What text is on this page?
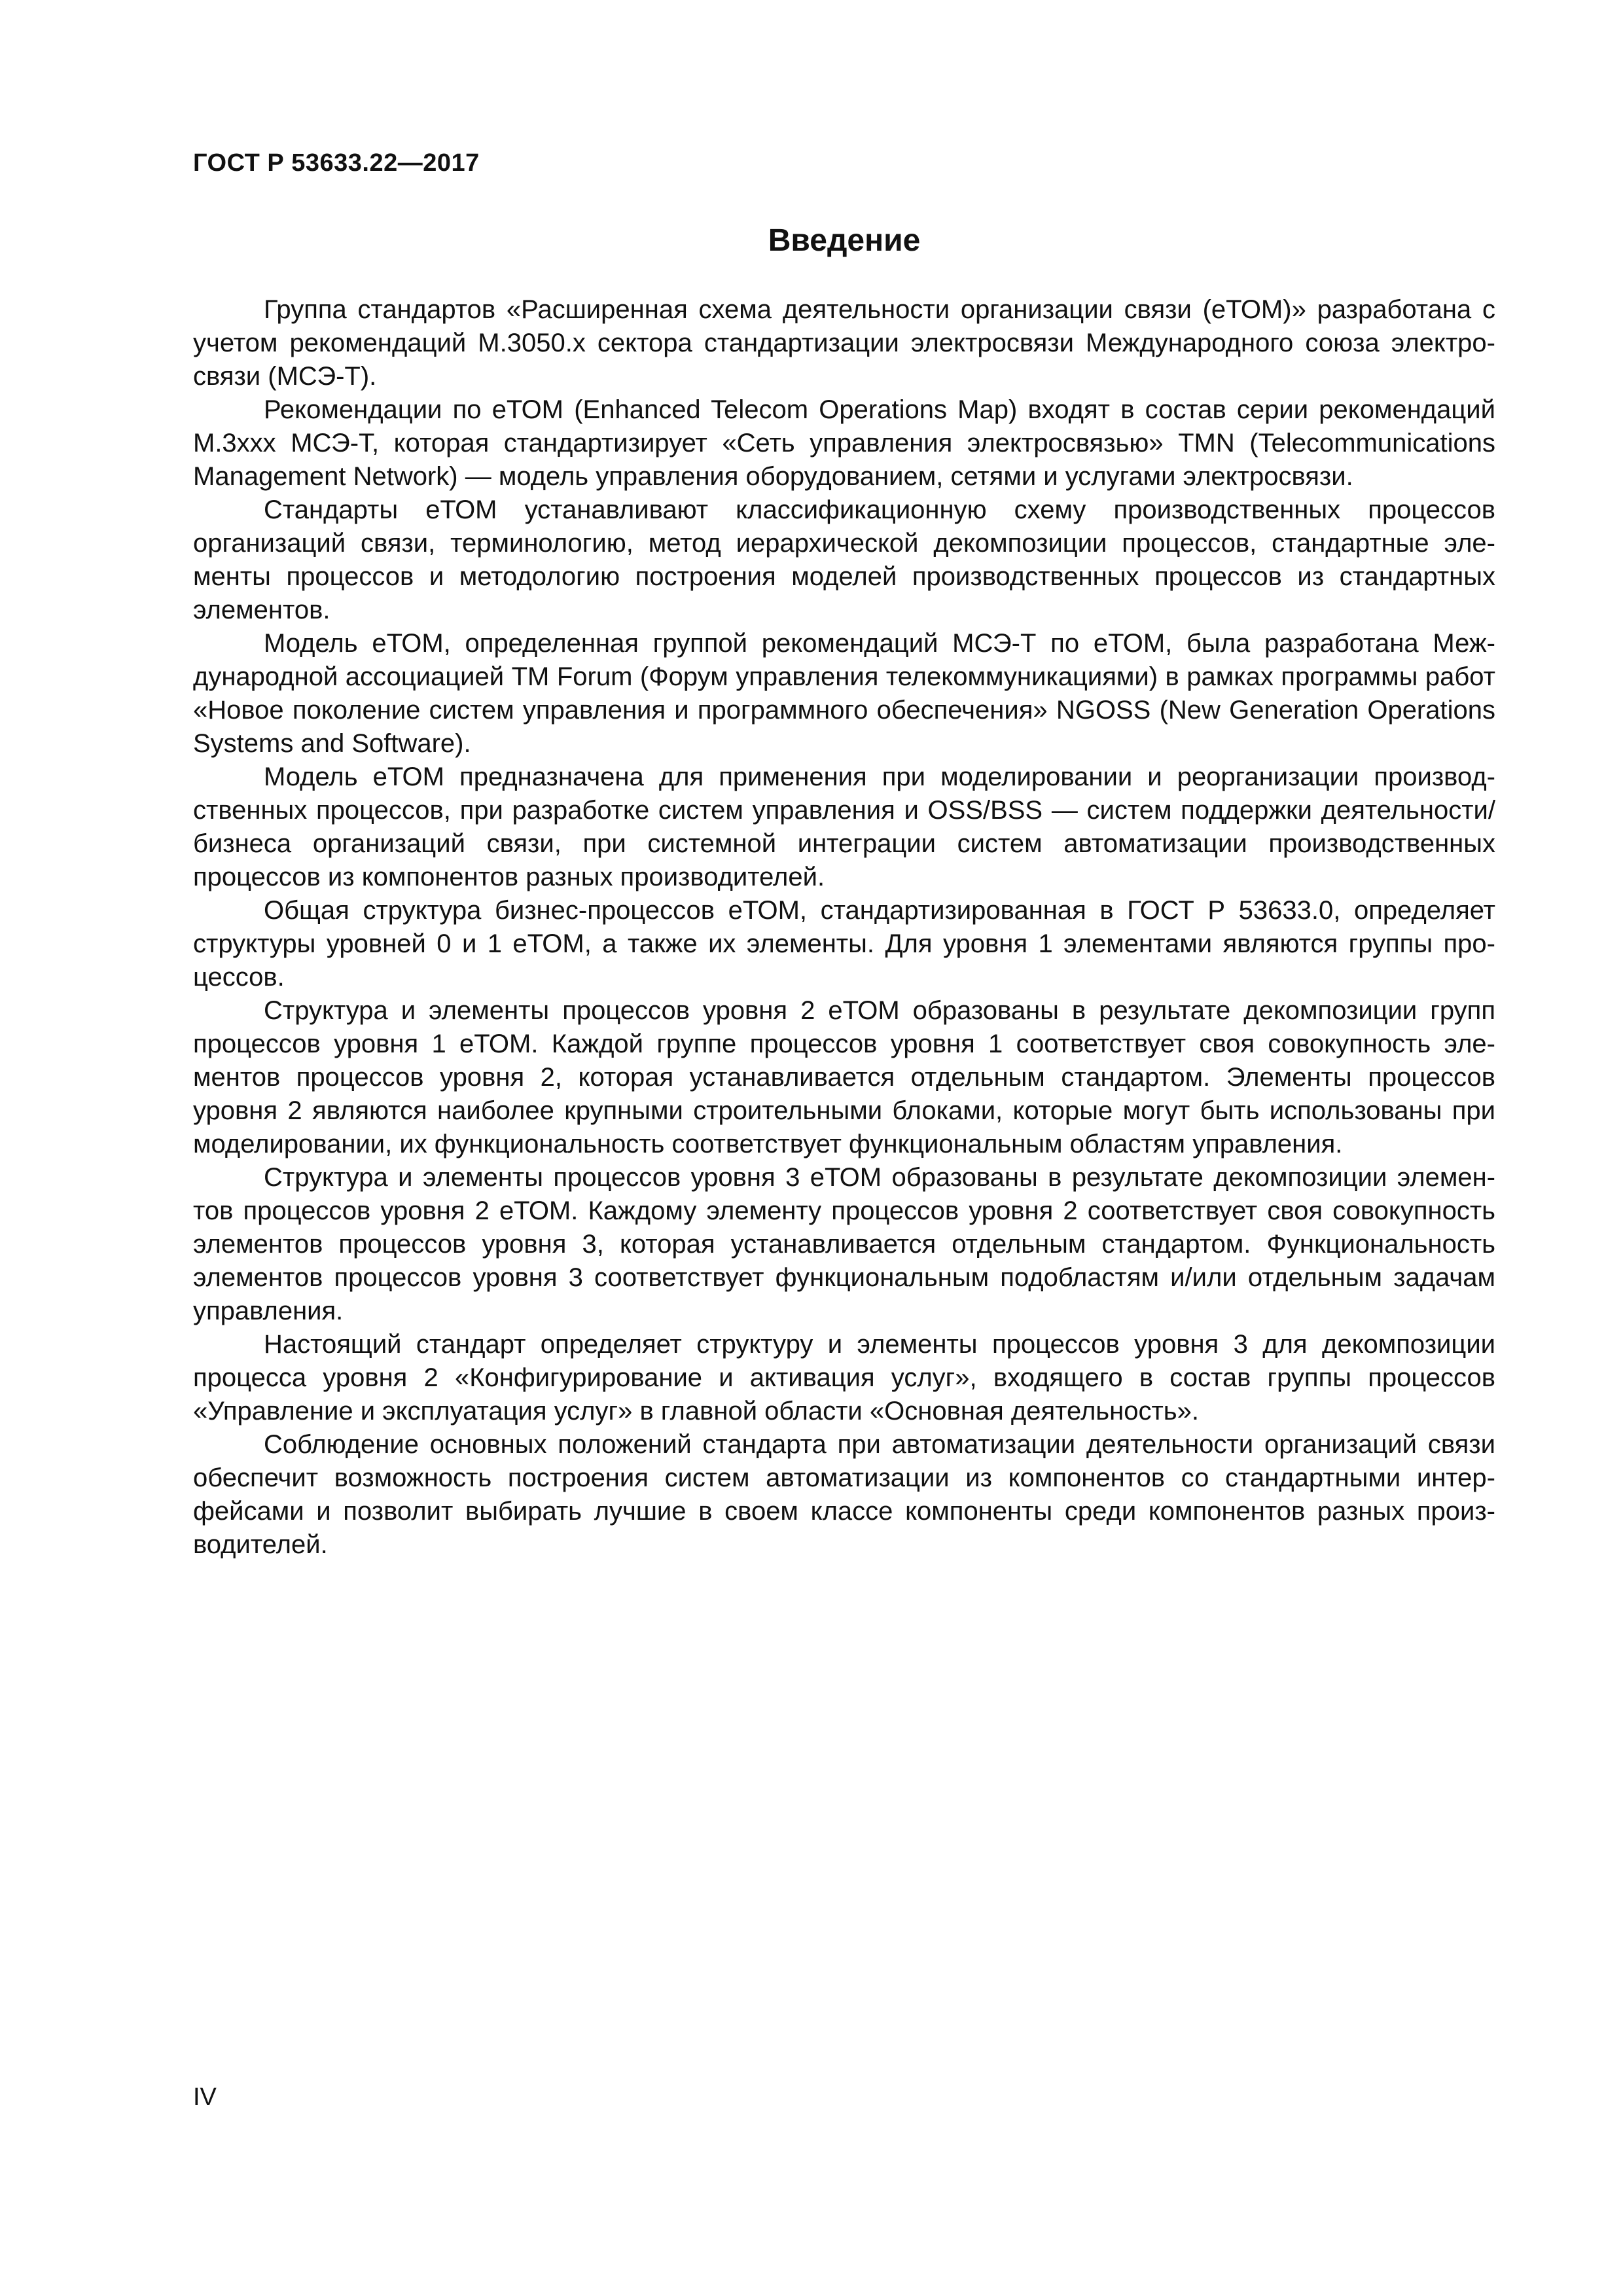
ГОСТ Р 53633.22—2017
Введение

Группа стандартов «Расширенная схема деятельности организации связи (еТОМ)» разработана с учетом рекомендаций М.3050.x сектора стандартизации электросвязи Международного союза электросвязи (МСЭ-Т).

Рекомендации по еТОМ (Enhanced Telecom Operations Map) входят в состав серии рекомендаций M.3xxx МСЭ-Т, которая стандартизирует «Сеть управления электросвязью» TMN (Telecommunications Management Network) — модель управления оборудованием, сетями и услугами электросвязи.

Стандарты еТОМ устанавливают классификационную схему производственных процессов организаций связи, терминологию, метод иерархической декомпозиции процессов, стандартные элементы процессов и методологию построения моделей производственных процессов из стандартных элементов.

Модель еТОМ, определенная группой рекомендаций МСЭ-Т по еТОМ, была разработана Международной ассоциацией TM Forum (Форум управления телекоммуникациями) в рамках программы работ «Новое поколение систем управления и программного обеспечения» NGOSS (New Generation Operations Systems and Software).

Модель еТОМ предназначена для применения при моделировании и реорганизации производственных процессов, при разработке систем управления и OSS/BSS — систем поддержки деятельности/бизнеса организаций связи, при системной интеграции систем автоматизации производственных процессов из компонентов разных производителей.

Общая структура бизнес-процессов еТОМ, стандартизированная в ГОСТ Р 53633.0, определяет структуры уровней 0 и 1 еТОМ, а также их элементы. Для уровня 1 элементами являются группы процессов.

Структура и элементы процессов уровня 2 еТОМ образованы в результате декомпозиции групп процессов уровня 1 еТОМ. Каждой группе процессов уровня 1 соответствует своя совокупность элементов процессов уровня 2, которая устанавливается отдельным стандартом. Элементы процессов уровня 2 являются наиболее крупными строительными блоками, которые могут быть использованы при моделировании, их функциональность соответствует функциональным областям управления.

Структура и элементы процессов уровня 3 еТОМ образованы в результате декомпозиции элементов процессов уровня 2 еТОМ. Каждому элементу процессов уровня 2 соответствует своя совокупность элементов процессов уровня 3, которая устанавливается отдельным стандартом. Функциональность элементов процессов уровня 3 соответствует функциональным подобластям и/или отдельным задачам управления.

Настоящий стандарт определяет структуру и элементы процессов уровня 3 для декомпозиции процесса уровня 2 «Конфигурирование и активация услуг», входящего в состав группы процессов «Управление и эксплуатация услуг» в главной области «Основная деятельность».

Соблюдение основных положений стандарта при автоматизации деятельности организаций связи обеспечит возможность построения систем автоматизации из компонентов со стандартными интерфейсами и позволит выбирать лучшие в своем классе компоненты среди компонентов разных производителей.

IV
